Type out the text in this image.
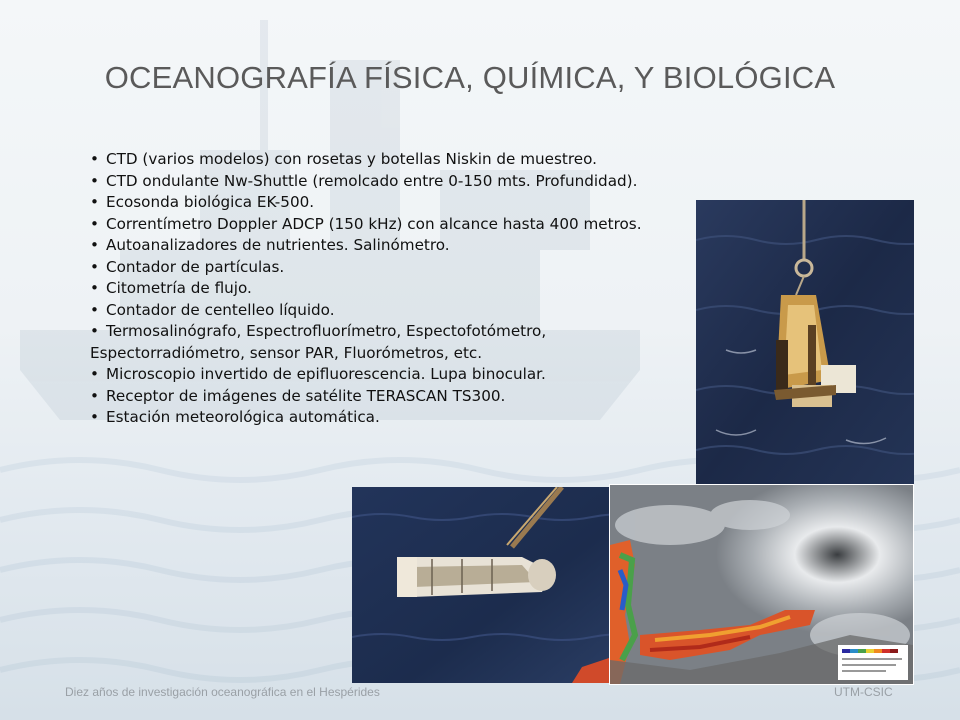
OCEANOGRAFÍA FÍSICA, QUÍMICA, Y BIOLÓGICA
• CTD (varios modelos) con rosetas y botellas Niskin de muestreo.
• CTD ondulante Nw-Shuttle (remolcado entre 0-150 mts. Profundidad).
• Ecosonda biológica EK-500.
• Correntímetro Doppler ADCP (150 kHz) con alcance hasta 400 metros.
• Autoanalizadores de nutrientes. Salinómetro.
• Contador de partículas.
• Citometría de flujo.
• Contador de centelleo líquido.
• Termosalinógrafo, Espectrofluorímetro, Espectofotómetro, Espectorradiómetro, sensor PAR, Fluorómetros, etc.
• Microscopio invertido de epifluorescencia. Lupa binocular.
• Receptor de imágenes de satélite TERASCAN TS300.
• Estación meteorológica automática.
Diez años de investigación oceanográfica en el Hespérides	UTM-CSIC
